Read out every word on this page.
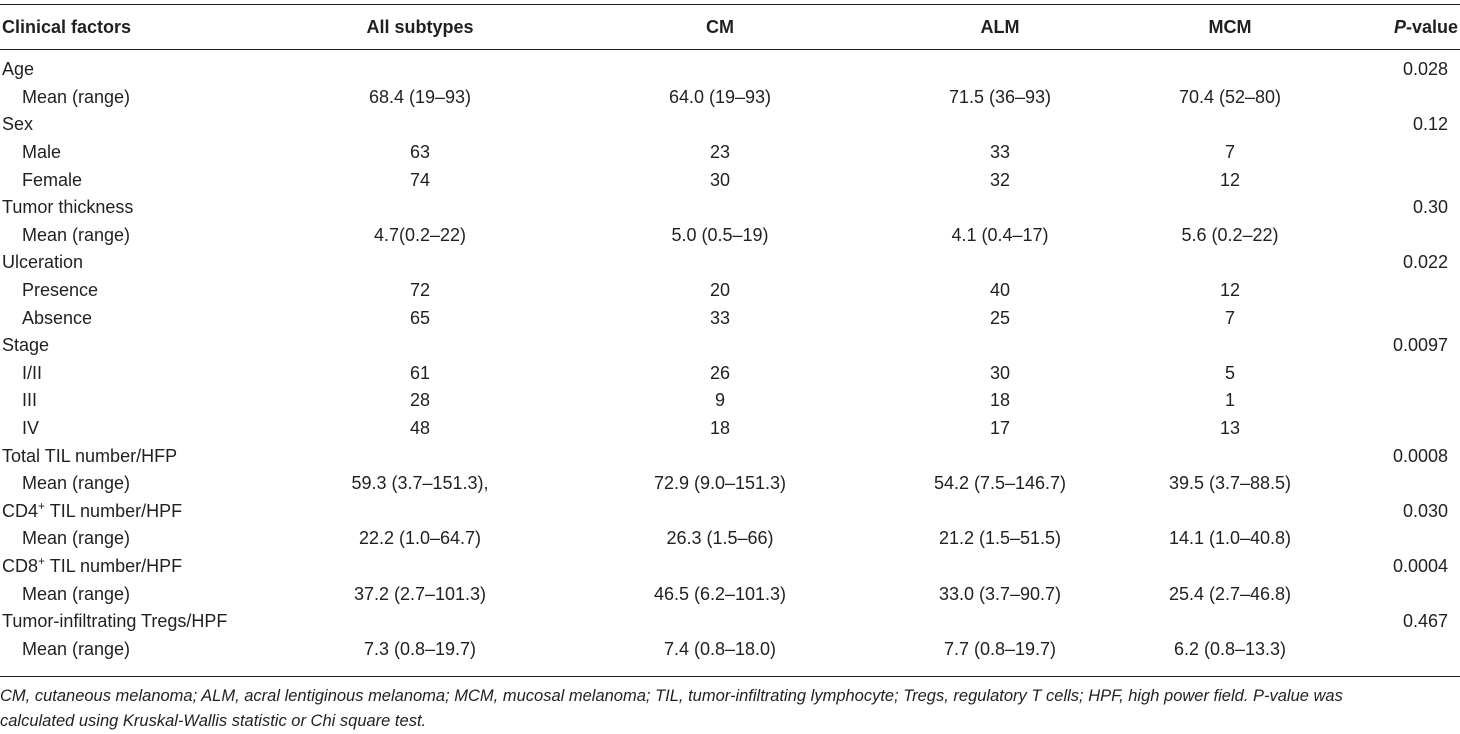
Clinical factors	All subtypes	CM	ALM	MCM	P-value
Age					0.028
Mean (range)	68.4 (19–93)	64.0 (19–93)	71.5 (36–93)	70.4 (52–80)	
Sex					0.12
Male	63	23	33	7	
Female	74	30	32	12	
Tumor thickness					0.30
Mean (range)	4.7(0.2–22)	5.0 (0.5–19)	4.1 (0.4–17)	5.6 (0.2–22)	
Ulceration					0.022
Presence	72	20	40	12	
Absence	65	33	25	7	
Stage					0.0097
I/II	61	26	30	5	
III	28	9	18	1	
IV	48	18	17	13	
Total TIL number/HFP					0.0008
Mean (range)	59.3 (3.7–151.3),	72.9 (9.0–151.3)	54.2 (7.5–146.7)	39.5 (3.7–88.5)	
CD4+ TIL number/HPF					0.030
Mean (range)	22.2 (1.0–64.7)	26.3 (1.5–66)	21.2 (1.5–51.5)	14.1 (1.0–40.8)	
CD8+ TIL number/HPF					0.0004
Mean (range)	37.2 (2.7–101.3)	46.5 (6.2–101.3)	33.0 (3.7–90.7)	25.4 (2.7–46.8)	
Tumor-infiltrating Tregs/HPF					0.467
Mean (range)	7.3 (0.8–19.7)	7.4 (0.8–18.0)	7.7 (0.8–19.7)	6.2 (0.8–13.3)	
CM, cutaneous melanoma; ALM, acral lentiginous melanoma; MCM, mucosal melanoma; TIL, tumor-infiltrating lymphocyte; Tregs, regulatory T cells; HPF, high power field. P-value was
calculated using Kruskal-Wallis statistic or Chi square test.
